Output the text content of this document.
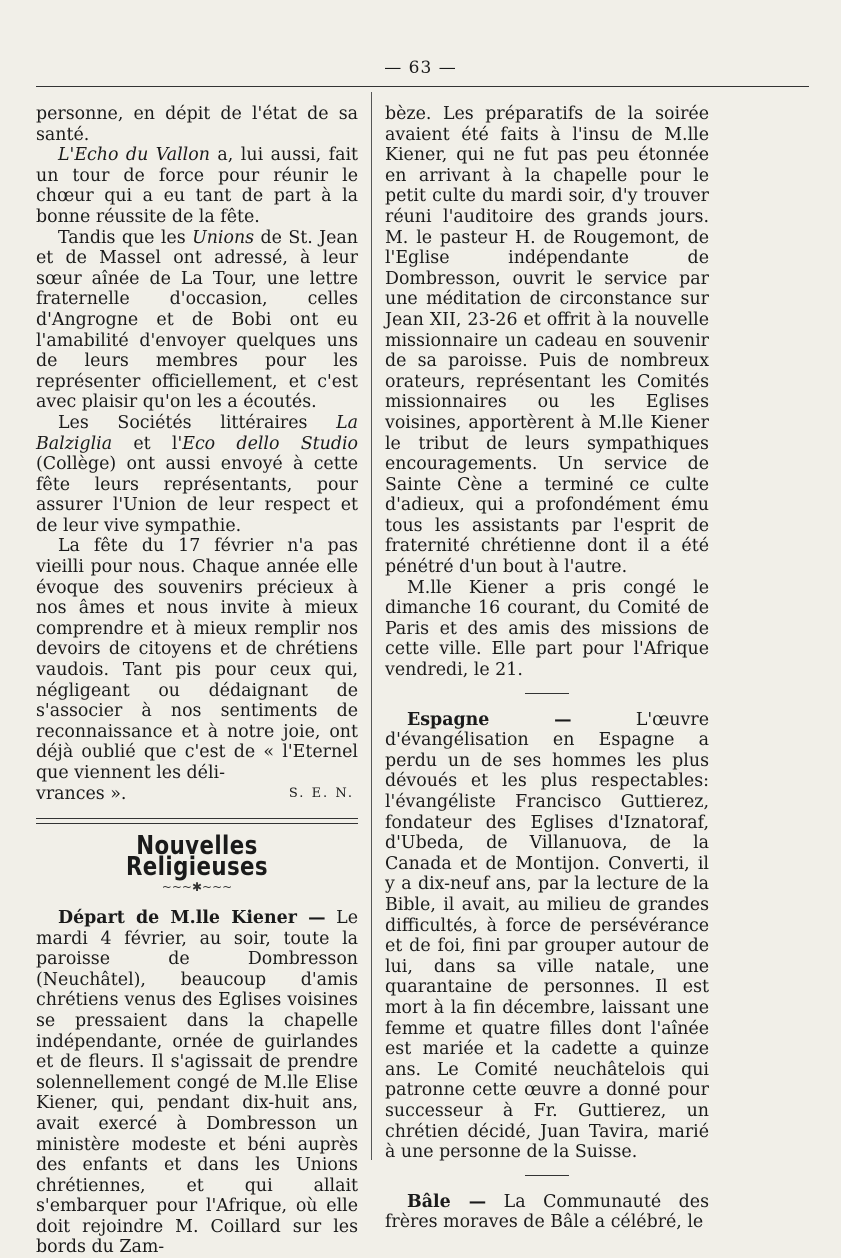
— 63 —

personne, en dépit de l'état de sa santé.

L'Echo du Vallon a, lui aussi, fait un tour de force pour réunir le chœur qui a eu tant de part à la bonne réussite de la fête.

Tandis que les Unions de St. Jean et de Massel ont adressé, à leur sœur aînée de La Tour, une lettre fraternelle d'occasion, celles d'Angrogne et de Bobi ont eu l'amabilité d'envoyer quelques uns de leurs membres pour les représenter officiellement, et c'est avec plaisir qu'on les a écoutés.

Les Sociétés littéraires La Balziglia et l'Eco dello Studio (Collège) ont aussi envoyé à cette fête leurs représentants, pour assurer l'Union de leur respect et de leur vive sympathie.

La fête du 17 février n'a pas vieilli pour nous. Chaque année elle évoque des souvenirs précieux à nos âmes et nous invite à mieux comprendre et à mieux remplir nos devoirs de citoyens et de chrétiens vaudois. Tant pis pour ceux qui, négligeant ou dédaignant de s'associer à nos sentiments de reconnaissance et à notre joie, ont déjà oublié que c'est de « l'Eternel que viennent les déli-

vrances ».	S. E. N.
Nouvelles Religieuses
~~~✱~~~

Départ de M.lle Kiener — Le mardi 4 février, au soir, toute la paroisse de Dombresson (Neuchâtel), beaucoup d'amis chrétiens venus des Eglises voisines se pressaient dans la chapelle indépendante, ornée de guirlandes et de fleurs. Il s'agissait de prendre solennellement congé de M.lle Elise Kiener, qui, pendant dix-huit ans, avait exercé à Dombresson un ministère modeste et béni auprès des enfants et dans les Unions chrétiennes, et qui allait s'embarquer pour l'Afrique, où elle doit rejoindre M. Coillard sur les bords du Zam-

bèze. Les préparatifs de la soirée avaient été faits à l'insu de M.lle Kiener, qui ne fut pas peu étonnée en arrivant à la chapelle pour le petit culte du mardi soir, d'y trouver réuni l'auditoire des grands jours. M. le pasteur H. de Rougemont, de l'Eglise indépendante de Dombresson, ouvrit le service par une méditation de circonstance sur Jean XII, 23-26 et offrit à la nouvelle missionnaire un cadeau en souvenir de sa paroisse. Puis de nombreux orateurs, représentant les Comités missionnaires ou les Eglises voisines, apportèrent à M.lle Kiener le tribut de leurs sympathiques encouragements. Un service de Sainte Cène a terminé ce culte d'adieux, qui a profondément ému tous les assistants par l'esprit de fraternité chrétienne dont il a été pénétré d'un bout à l'autre.

M.lle Kiener a pris congé le dimanche 16 courant, du Comité de Paris et des amis des missions de cette ville. Elle part pour l'Afrique vendredi, le 21.

Espagne — L'œuvre d'évangélisation en Espagne a perdu un de ses hommes les plus dévoués et les plus respectables: l'évangéliste Francisco Guttierez, fondateur des Eglises d'Iznatoraf, d'Ubeda, de Villanuova, de la Canada et de Montijon. Converti, il y a dix-neuf ans, par la lecture de la Bible, il avait, au milieu de grandes difficultés, à force de persévérance et de foi, fini par grouper autour de lui, dans sa ville natale, une quarantaine de personnes. Il est mort à la fin décembre, laissant une femme et quatre filles dont l'aînée est mariée et la cadette a quinze ans. Le Comité neuchâtelois qui patronne cette œuvre a donné pour successeur à Fr. Guttierez, un chrétien décidé, Juan Tavira, marié à une personne de la Suisse.

Bâle — La Communauté des frères moraves de Bâle a célébré, le
